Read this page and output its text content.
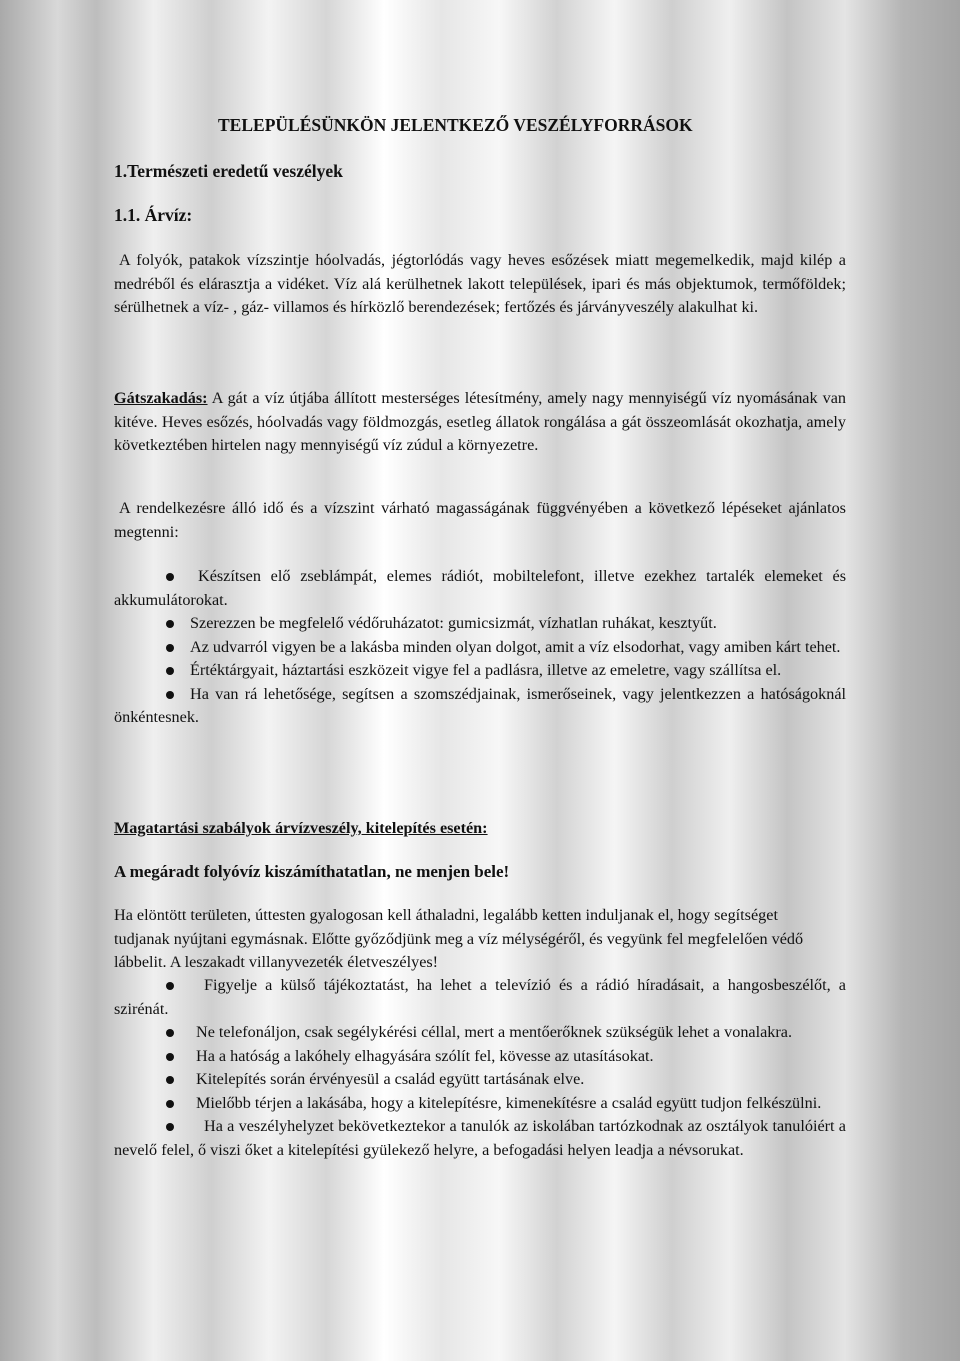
TELEPÜLÉSÜNKÖN JELENTKEZŐ VESZÉLYFORRÁSOK
1.Természeti eredetű veszélyek
1.1. Árvíz:

A folyók, patakok vízszintje hóolvadás, jégtorlódás vagy heves esőzések miatt megemelkedik, majd kilép a medréből és elárasztja a vidéket. Víz alá kerülhetnek lakott települések, ipari és más objektumok, termőföldek; sérülhetnek a víz- , gáz- villamos és hírközlő berendezések; fertőzés és járványveszély alakulhat ki.

Gátszakadás: A gát a víz útjába állított mesterséges létesítmény, amely nagy mennyiségű víz nyomásának van kitéve. Heves esőzés, hóolvadás vagy földmozgás, esetleg állatok rongálása a gát összeomlását okozhatja, amely következtében hirtelen nagy mennyiségű víz zúdul a környezetre.

A rendelkezésre álló idő és a vízszint várható magasságának függvényében a következő lépéseket ajánlatos megtenni:

Készítsen elő zseblámpát, elemes rádiót, mobiltelefont, illetve ezekhez tartalék elemeket és akkumulátorokat.
Szerezzen be megfelelő védőruházatot: gumicsizmát, vízhatlan ruhákat, kesztyűt.
Az udvarról vigyen be a lakásba minden olyan dolgot, amit a víz elsodorhat, vagy amiben kárt tehet.
Értéktárgyait, háztartási eszközeit vigye fel a padlásra, illetve az emeletre, vagy szállítsa el.
Ha van rá lehetősége, segítsen a szomszédjainak, ismerőseinek, vagy jelentkezzen a hatóságoknál önkéntesnek.

Magatartási szabályok árvízveszély, kitelepítés esetén:

A megáradt folyóvíz kiszámíthatatlan, ne menjen bele!

Ha elöntött területen, úttesten gyalogosan kell áthaladni, legalább ketten induljanak el, hogy segítséget tudjanak nyújtani egymásnak. Előtte győződjünk meg a víz mélységéről, és vegyünk fel megfelelően védő lábbelit. A leszakadt villanyvezeték életveszélyes!

Figyelje a külső tájékoztatást, ha lehet a televízió és a rádió híradásait, a hangosbeszélőt, a szirénát.
Ne telefonáljon, csak segélykérési céllal, mert a mentőerőknek szükségük lehet a vonalakra.
Ha a hatóság a lakóhely elhagyására szólít fel, kövesse az utasításokat.
Kitelepítés során érvényesül a család együtt tartásának elve.
Mielőbb térjen a lakásába, hogy a kitelepítésre, kimenekítésre a család együtt tudjon felkészülni.
Ha a veszélyhelyzet bekövetkeztekor a tanulók az iskolában tartózkodnak az osztályok tanulóiért a nevelő felel, ő viszi őket a kitelepítési gyülekező helyre, a befogadási helyen leadja a névsorukat.
